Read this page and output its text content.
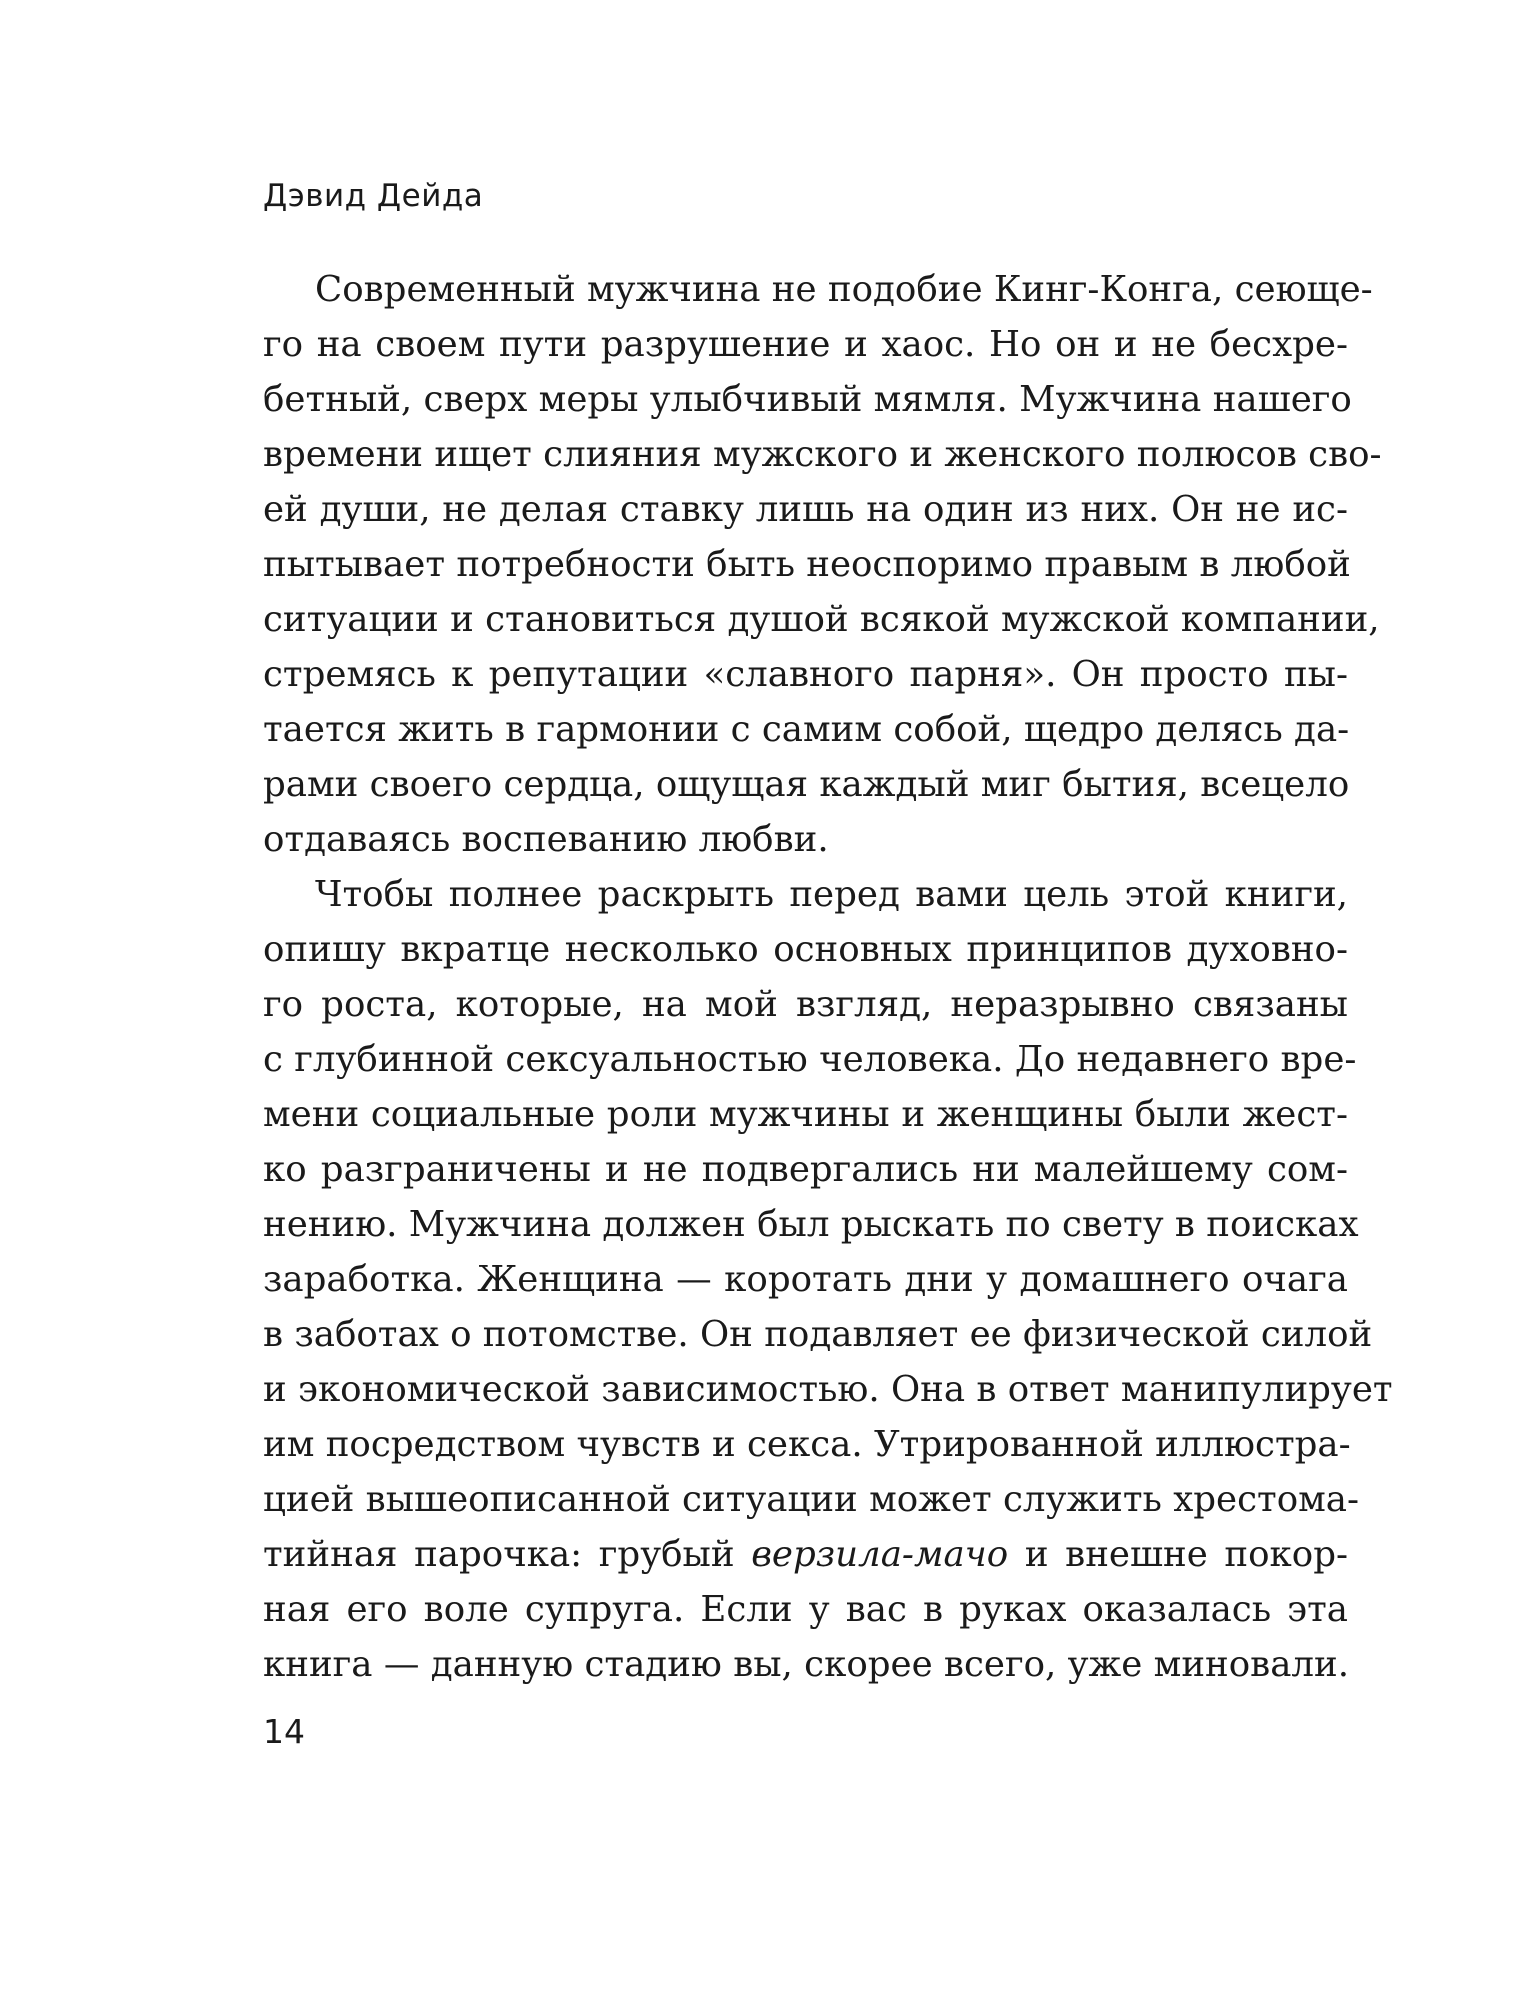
Дэвид Дейда
Современный мужчина не подобие Кинг-Конга, сеюще-
го на своем пути разрушение и хаос. Но он и не бесхре-
бетный, сверх меры улыбчивый мямля. Мужчина нашего
времени ищет слияния мужского и женского полюсов сво-
ей души, не делая ставку лишь на один из них. Он не ис-
пытывает потребности быть неоспоримо правым в любой
ситуации и становиться душой всякой мужской компании,
стремясь к репутации «славного парня». Он просто пы-
тается жить в гармонии с самим собой, щедро делясь да-
рами своего сердца, ощущая каждый миг бытия, всецело
отдаваясь воспеванию любви.
Чтобы полнее раскрыть перед вами цель этой книги,
опишу вкратце несколько основных принципов духовно-
го роста, которые, на мой взгляд, неразрывно связаны
с глубинной сексуальностью человека. До недавнего вре-
мени социальные роли мужчины и женщины были жест-
ко разграничены и не подвергались ни малейшему сом-
нению. Мужчина должен был рыскать по свету в поисках
заработка. Женщина — коротать дни у домашнего очага
в заботах о потомстве. Он подавляет ее физической силой
и экономической зависимостью. Она в ответ манипулирует
им посредством чувств и секса. Утрированной иллюстра-
цией вышеописанной ситуации может служить хрестома-
тийная парочка: грубый верзила-мачо и внешне покор-
ная его воле супруга. Если у вас в руках оказалась эта
книга — данную стадию вы, скорее всего, уже миновали.
14
